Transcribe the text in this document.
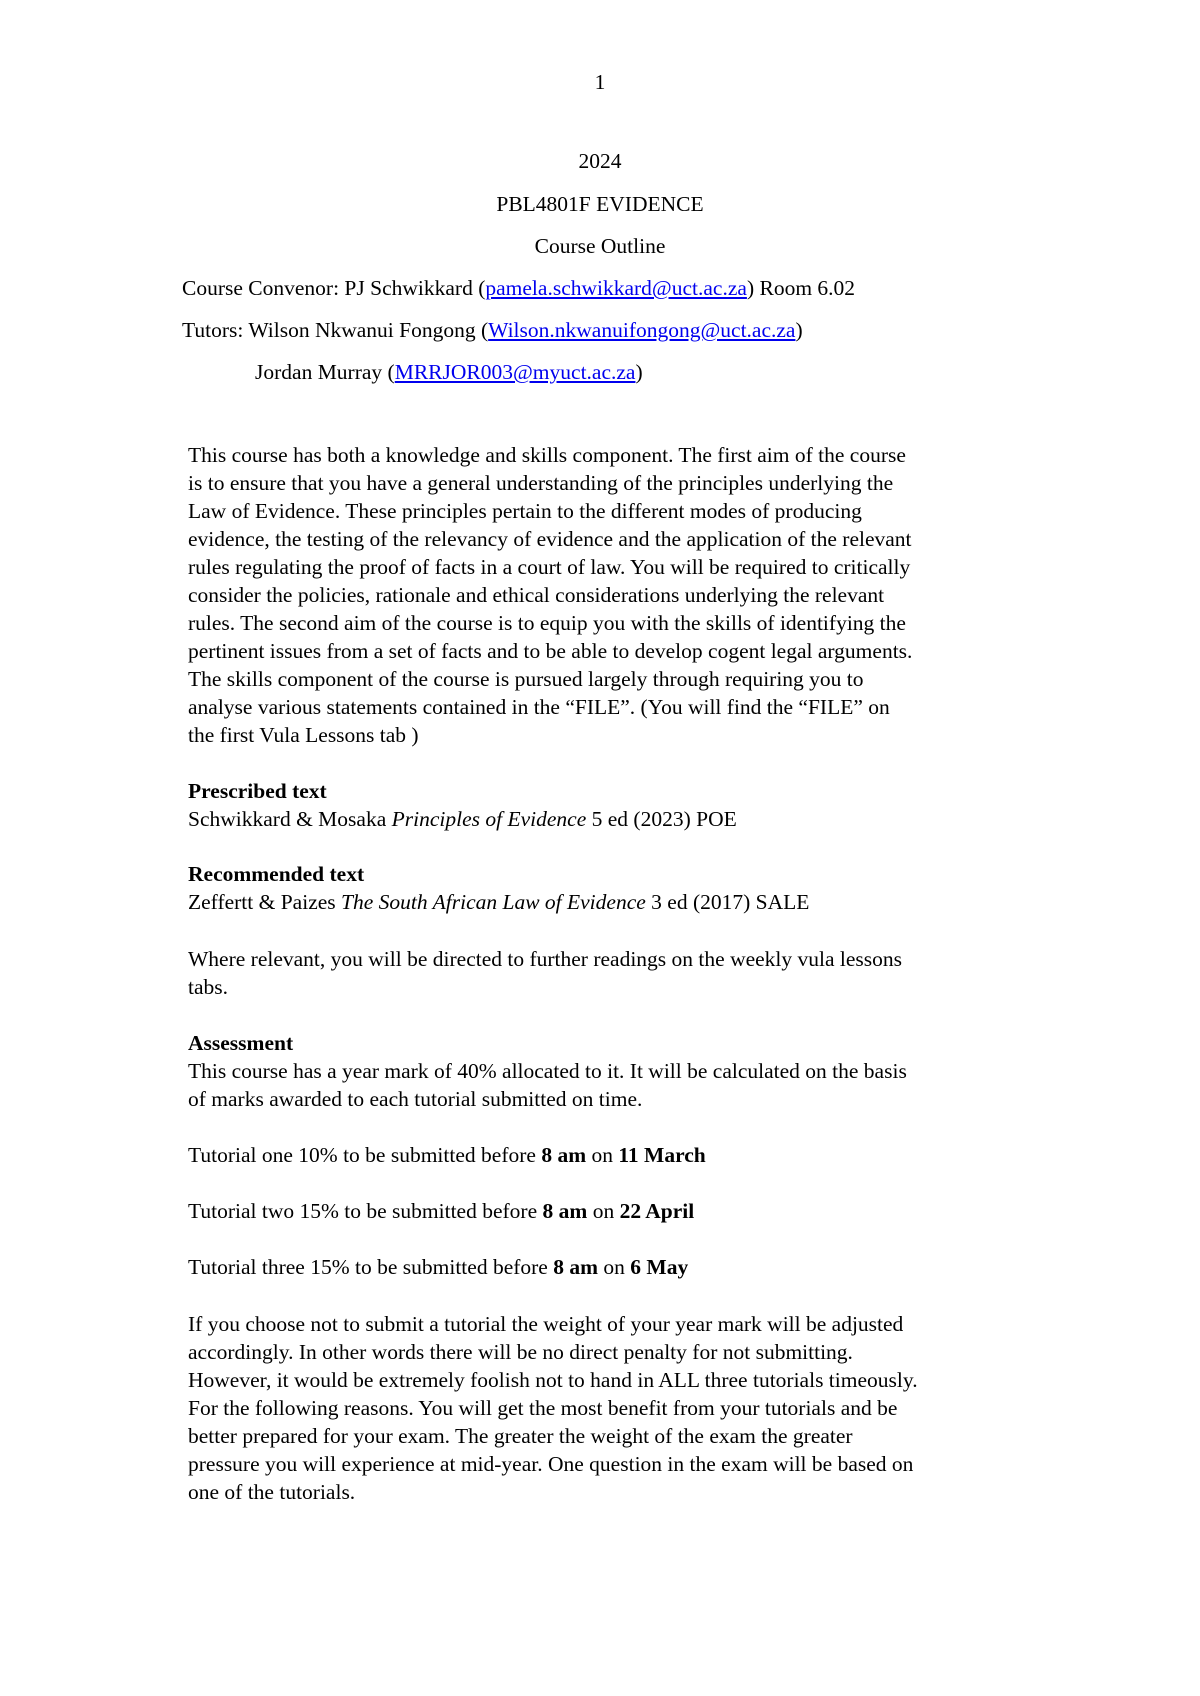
1
2024
PBL4801F EVIDENCE
Course Outline
Course Convenor: PJ Schwikkard (pamela.schwikkard@uct.ac.za) Room 6.02
Tutors: Wilson Nkwanui Fongong (Wilson.nkwanuifongong@uct.ac.za)
Jordan Murray (MRRJOR003@myuct.ac.za)

This course has both a knowledge and skills component. The first aim of the course

is to ensure that you have a general understanding of the principles underlying the

Law of Evidence. These principles pertain to the different modes of producing

evidence, the testing of the relevancy of evidence and the application of the relevant

rules regulating the proof of facts in a court of law. You will be required to critically

consider the policies, rationale and ethical considerations underlying the relevant

rules. The second aim of the course is to equip you with the skills of identifying the

pertinent issues from a set of facts and to be able to develop cogent legal arguments.

The skills component of the course is pursued largely through requiring you to

analyse various statements contained in the “FILE”. (You will find the “FILE” on

the first Vula Lessons tab )

Prescribed text

Schwikkard & Mosaka Principles of Evidence 5 ed (2023) POE

Recommended text

Zeffertt & Paizes The South African Law of Evidence 3 ed (2017) SALE

Where relevant, you will be directed to further readings on the weekly vula lessons

tabs.

Assessment

This course has a year mark of 40% allocated to it. It will be calculated on the basis

of marks awarded to each tutorial submitted on time.

Tutorial one 10% to be submitted before 8 am on 11 March

Tutorial two 15% to be submitted before 8 am on 22 April

Tutorial three 15% to be submitted before 8 am on 6 May

If you choose not to submit a tutorial the weight of your year mark will be adjusted

accordingly. In other words there will be no direct penalty for not submitting.

However, it would be extremely foolish not to hand in ALL three tutorials timeously.

For the following reasons. You will get the most benefit from your tutorials and be

better prepared for your exam. The greater the weight of the exam the greater

pressure you will experience at mid-year. One question in the exam will be based on

one of the tutorials.
